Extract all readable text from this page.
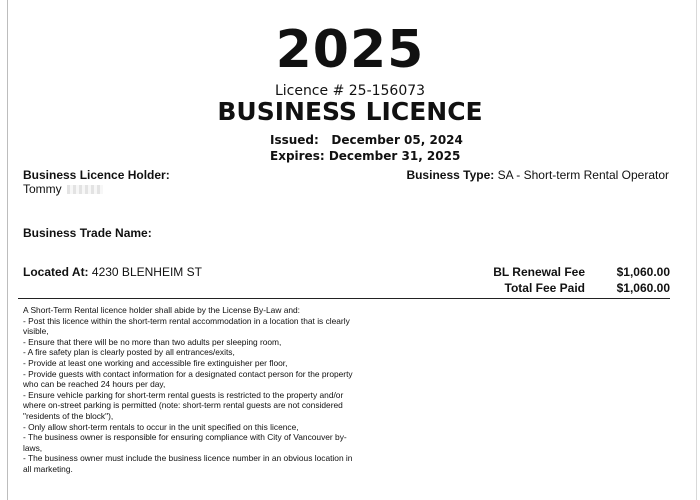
2025
Licence # 25-156073
BUSINESS LICENCE
Issued:   December 05, 2024
Expires: December 31, 2025
Business Licence Holder:
Tommy
Business Type: SA - Short-term Rental Operator
Business Trade Name:
Located At: 4230 BLENHEIM ST	BL Renewal Fee	$1,060.00
Total Fee Paid	$1,060.00
A Short-Term Rental licence holder shall abide by the License By-Law and:
- Post this licence within the short-term rental accommodation in a location that is clearly visible,
- Ensure that there will be no more than two adults per sleeping room,
- A fire safety plan is clearly posted by all entrances/exits,
- Provide at least one working and accessible fire extinguisher per floor,
- Provide guests with contact information for a designated contact person for the property who can be reached 24 hours per day,
- Ensure vehicle parking for short-term rental guests is restricted to the property and/or where on-street parking is permitted (note: short-term rental guests are not considered "residents of the block"),
- Only allow short-term rentals to occur in the unit specified on this licence,
- The business owner is responsible for ensuring compliance with City of Vancouver by-laws,
- The business owner must include the business licence number in an obvious location in all marketing.
